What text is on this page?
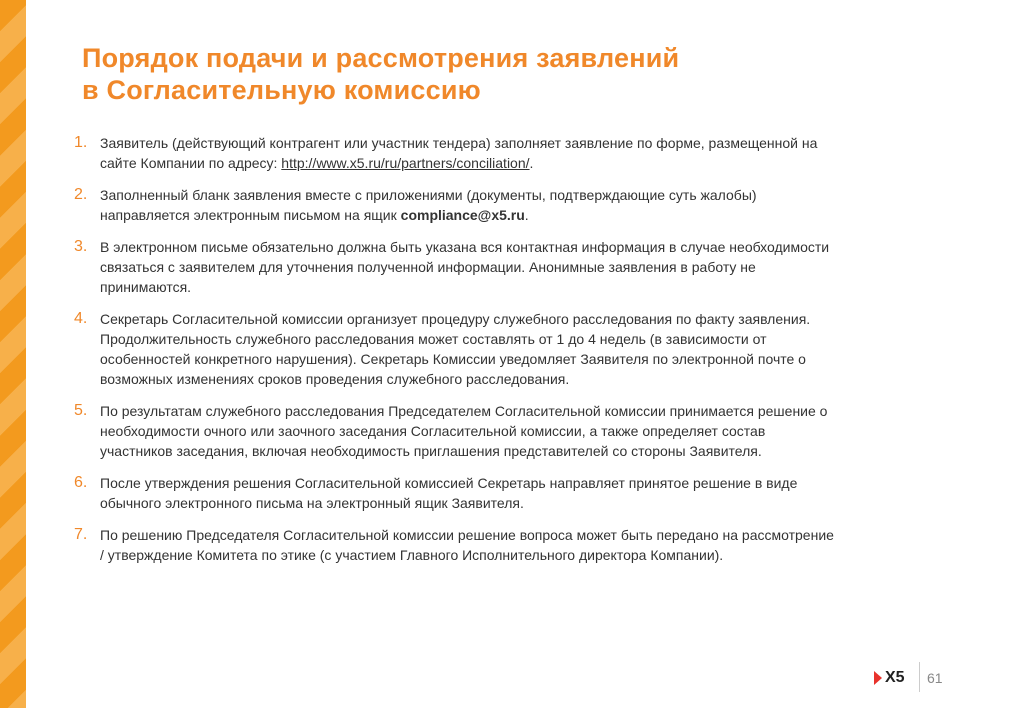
Порядок подачи и рассмотрения заявлений
в Согласительную комиссию
1. Заявитель (действующий контрагент или участник тендера) заполняет заявление по форме, размещенной на сайте Компании по адресу: http://www.x5.ru/ru/partners/conciliation/.
2. Заполненный бланк заявления вместе с приложениями (документы, подтверждающие суть жалобы) направляется электронным письмом на ящик compliance@x5.ru.
3. В электронном письме обязательно должна быть указана вся контактная информация в случае необходимости связаться с заявителем для уточнения полученной информации. Анонимные заявления в работу не принимаются.
4. Секретарь Согласительной комиссии организует процедуру служебного расследования по факту заявления. Продолжительность служебного расследования может составлять от 1 до 4 недель (в зависимости от особенностей конкретного нарушения). Секретарь Комиссии уведомляет Заявителя по электронной почте о возможных изменениях сроков проведения служебного расследования.
5. По результатам служебного расследования Председателем Согласительной комиссии принимается решение о необходимости очного или заочного заседания Согласительной комиссии, а также определяет состав участников заседания, включая необходимость приглашения представителей со стороны Заявителя.
6. После утверждения решения Согласительной комиссией Секретарь направляет принятое решение в виде обычного электронного письма на электронный ящик Заявителя.
7. По решению Председателя Согласительной комиссии решение вопроса может быть передано на рассмотрение / утверждение Комитета по этике (с участием Главного Исполнительного директора Компании).
X5 61
